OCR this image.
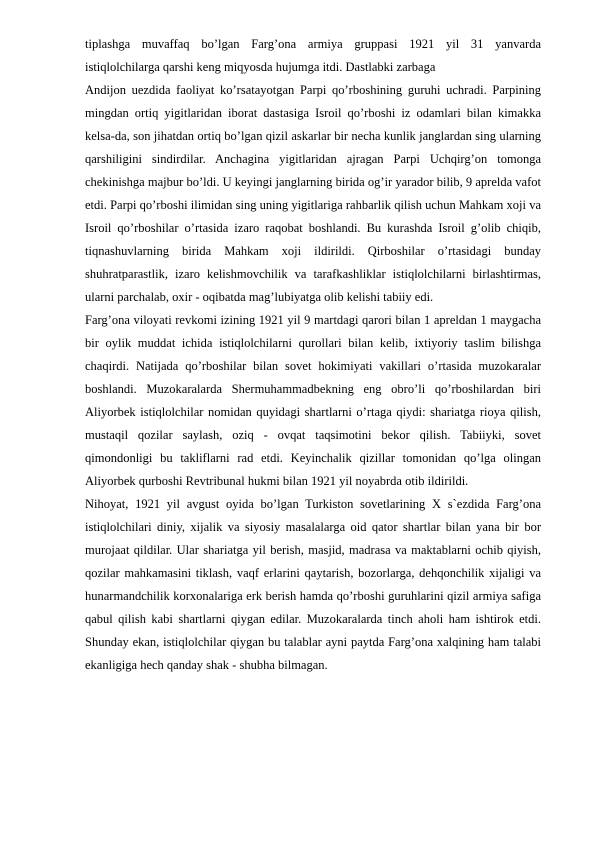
tiplashga muvaffaq bo’lgan Farg’ona armiya gruppasi 1921 yil 31 yanvarda istiqlolchilarga qarshi keng miqyosda hujumga itdi. Dastlabki zarbaga

Andijon uezdida faoliyat ko’rsatayotgan Parpi qo’rboshining guruhi uchradi. Parpining mingdan ortiq yigitlaridan iborat dastasiga Isroil qo’rboshi iz odamlari bilan kimakka kelsa-da, son jihatdan ortiq bo’lgan qizil askarlar bir necha kunlik janglardan sing ularning qarshiligini sindirdilar. Anchagina yigitlaridan ajragan Parpi Uchqirg’on tomonga chekinishga majbur bo’ldi. U keyingi janglarning birida og’ir yarador bilib, 9 aprelda vafot etdi. Parpi qo’rboshi ilimidan sing uning yigitlariga rahbarlik qilish uchun Mahkam xoji va Isroil qo’rboshilar o’rtasida izaro raqobat boshlandi. Bu kurashda Isroil g’olib chiqib, tiqnashuvlarning birida Mahkam xoji ildirildi. Qirboshilar o’rtasidagi bunday shuhratparastlik, izaro kelishmovchilik va tarafkashliklar istiqlolchilarni birlashtirmas, ularni parchalab, oxir - oqibatda mag’lubiyatga olib kelishi tabiiy edi.

Farg’ona viloyati revkomi izining 1921 yil 9 martdagi qarori bilan 1 apreldan 1 maygacha bir oylik muddat ichida istiqlolchilarni qurollari bilan kelib, ixtiyoriy taslim bilishga chaqirdi. Natijada qo’rboshilar bilan sovet hokimiyati vakillari o’rtasida muzokaralar boshlandi. Muzokaralarda Shermuhammadbekning eng obro’li qo’rboshilardan biri Aliyorbek istiqlolchilar nomidan quyidagi shartlarni o’rtaga qiydi: shariatga rioya qilish, mustaqil qozilar saylash, oziq - ovqat taqsimotini bekor qilish. Tabiiyki, sovet qimondonligi bu takliflarni rad etdi. Keyinchalik qizillar tomonidan qo’lga olingan Aliyorbek qurboshi Revtribunal hukmi bilan 1921 yil noyabrda otib ildirildi.

Nihoyat, 1921 yil avgust oyida bo’lgan Turkiston sovetlarining X s`ezdida Farg’ona istiqlolchilari diniy, xijalik va siyosiy masalalarga oid qator shartlar bilan yana bir bor murojaat qildilar. Ular shariatga yil berish, masjid, madrasa va maktablarni ochib qiyish, qozilar mahkamasini tiklash, vaqf erlarini qaytarish, bozorlarga, dehqonchilik xijaligi va hunarmandchilik korxonalariga erk berish hamda qo’rboshi guruhlarini qizil armiya safiga qabul qilish kabi shartlarni qiygan edilar. Muzokaralarda tinch aholi ham ishtirok etdi. Shunday ekan, istiqlolchilar qiygan bu talablar ayni paytda Farg’ona xalqining ham talabi ekanligiga hech qanday shak - shubha bilmagan.
